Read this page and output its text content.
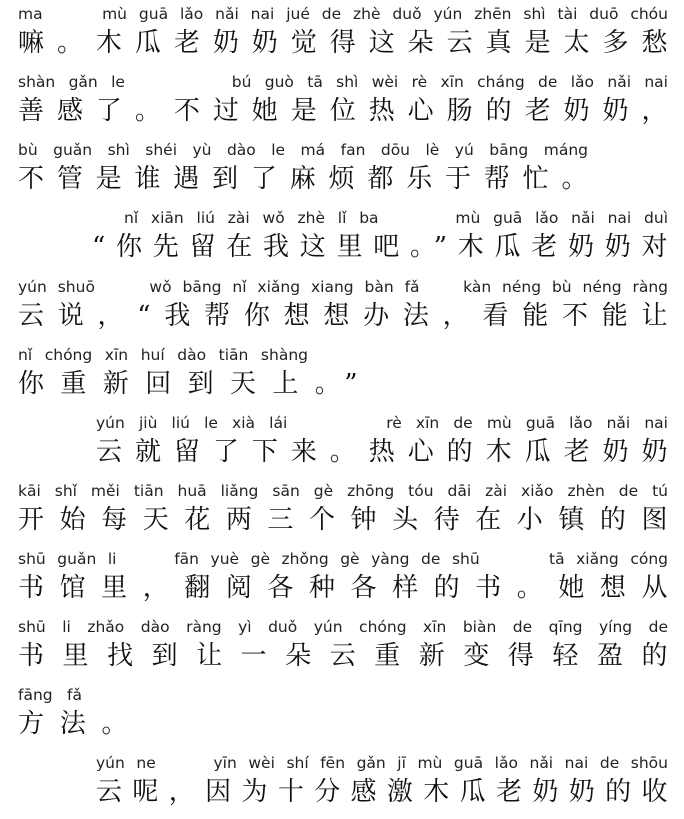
ma     mù guā lǎo nǎi nai jué de zhè duǒ yún zhēn shì tài duō chóu
嘛。木瓜老奶奶觉得这朵云真是太多愁
shàn gǎn le        bú guò tā shì wèi rè xīn cháng de lǎo nǎi nai
善感了。不过她是位热心肠的老奶奶，
bù guǎn shì shéi yù dào le má fan dōu lè yú bāng máng
不管是谁遇到了麻烦都乐于帮忙。
nǐ xiān liú zài wǒ zhè lǐ ba      mù guā lǎo nǎi nai duì
“你先留在我这里吧。”木瓜老奶奶对
yún shuō     wǒ bāng nǐ xiǎng xiang bàn fǎ    kàn néng bù néng ràng
云说，“我帮你想想办法，看能不能让
nǐ chóng xīn huí dào tiān shàng
你重新回到天上。”
yún jiù liú le xià lái       rè xīn de mù guā lǎo nǎi nai
云就留了下来。热心的木瓜老奶奶
kāi shǐ měi tiān huā liǎng sān gè zhōng tóu dāi zài xiǎo zhèn de tú
开始每天花两三个钟头待在小镇的图
shū guǎn li     fān yuè gè zhǒng gè yàng de shū      tā xiǎng cóng
书馆里，翻阅各种各样的书。她想从
shū li zhǎo dào ràng yì duǒ yún chóng xīn biàn de qīng yíng de
书里找到让一朵云重新变得轻盈的
fāng fǎ
方法。
yún ne     yīn wèi shí fēn gǎn jī mù guā lǎo nǎi nai de shōu
云呢，因为十分感激木瓜老奶奶的收
